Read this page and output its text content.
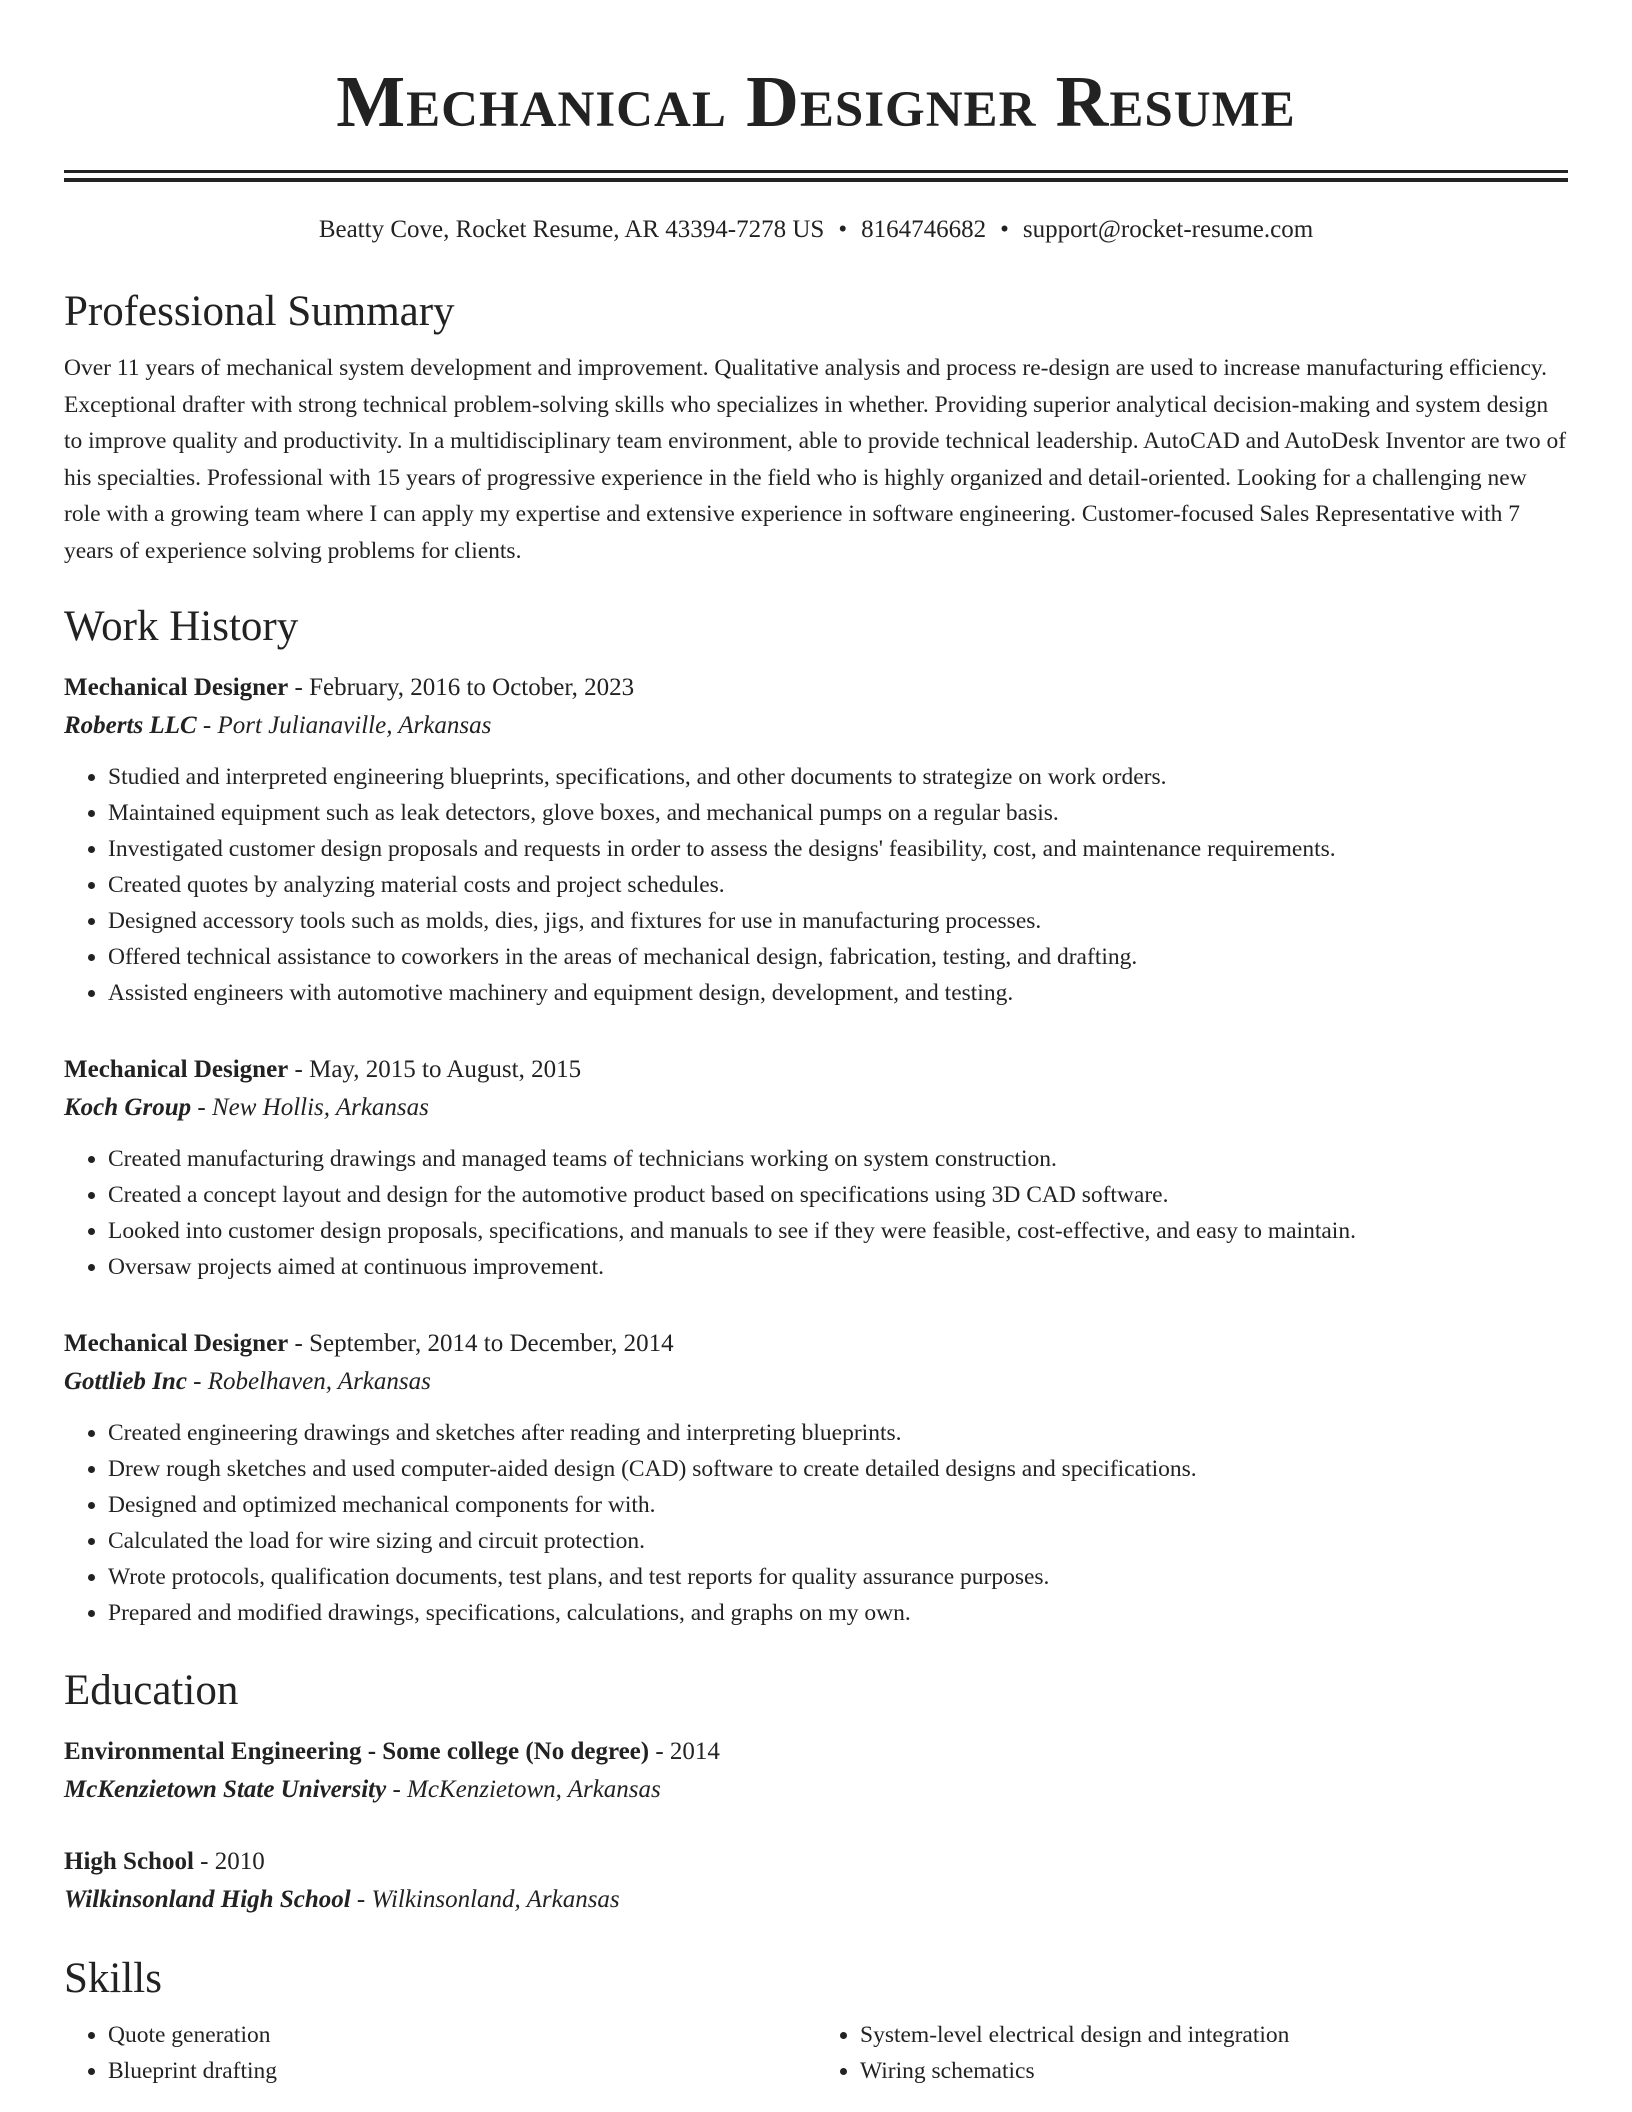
Mechanical Designer Resume
Beatty Cove, Rocket Resume, AR 43394-7278 US • 8164746682 • support@rocket-resume.com
Professional Summary
Over 11 years of mechanical system development and improvement. Qualitative analysis and process re-design are used to increase manufacturing efficiency. Exceptional drafter with strong technical problem-solving skills who specializes in whether. Providing superior analytical decision-making and system design to improve quality and productivity. In a multidisciplinary team environment, able to provide technical leadership. AutoCAD and AutoDesk Inventor are two of his specialties. Professional with 15 years of progressive experience in the field who is highly organized and detail-oriented. Looking for a challenging new role with a growing team where I can apply my expertise and extensive experience in software engineering. Customer-focused Sales Representative with 7 years of experience solving problems for clients.
Work History
Mechanical Designer - February, 2016 to October, 2023
Roberts LLC - Port Julianaville, Arkansas
• Studied and interpreted engineering blueprints, specifications, and other documents to strategize on work orders.
• Maintained equipment such as leak detectors, glove boxes, and mechanical pumps on a regular basis.
• Investigated customer design proposals and requests in order to assess the designs' feasibility, cost, and maintenance requirements.
• Created quotes by analyzing material costs and project schedules.
• Designed accessory tools such as molds, dies, jigs, and fixtures for use in manufacturing processes.
• Offered technical assistance to coworkers in the areas of mechanical design, fabrication, testing, and drafting.
• Assisted engineers with automotive machinery and equipment design, development, and testing.
Mechanical Designer - May, 2015 to August, 2015
Koch Group - New Hollis, Arkansas
• Created manufacturing drawings and managed teams of technicians working on system construction.
• Created a concept layout and design for the automotive product based on specifications using 3D CAD software.
• Looked into customer design proposals, specifications, and manuals to see if they were feasible, cost-effective, and easy to maintain.
• Oversaw projects aimed at continuous improvement.
Mechanical Designer - September, 2014 to December, 2014
Gottlieb Inc - Robelhaven, Arkansas
• Created engineering drawings and sketches after reading and interpreting blueprints.
• Drew rough sketches and used computer-aided design (CAD) software to create detailed designs and specifications.
• Designed and optimized mechanical components for with.
• Calculated the load for wire sizing and circuit protection.
• Wrote protocols, qualification documents, test plans, and test reports for quality assurance purposes.
• Prepared and modified drawings, specifications, calculations, and graphs on my own.
Education
Environmental Engineering - Some college (No degree) - 2014
McKenzietown State University - McKenzietown, Arkansas
High School - 2010
Wilkinsonland High School - Wilkinsonland, Arkansas
Skills
• Quote generation
• Blueprint drafting
• System-level electrical design and integration
• Wiring schematics
